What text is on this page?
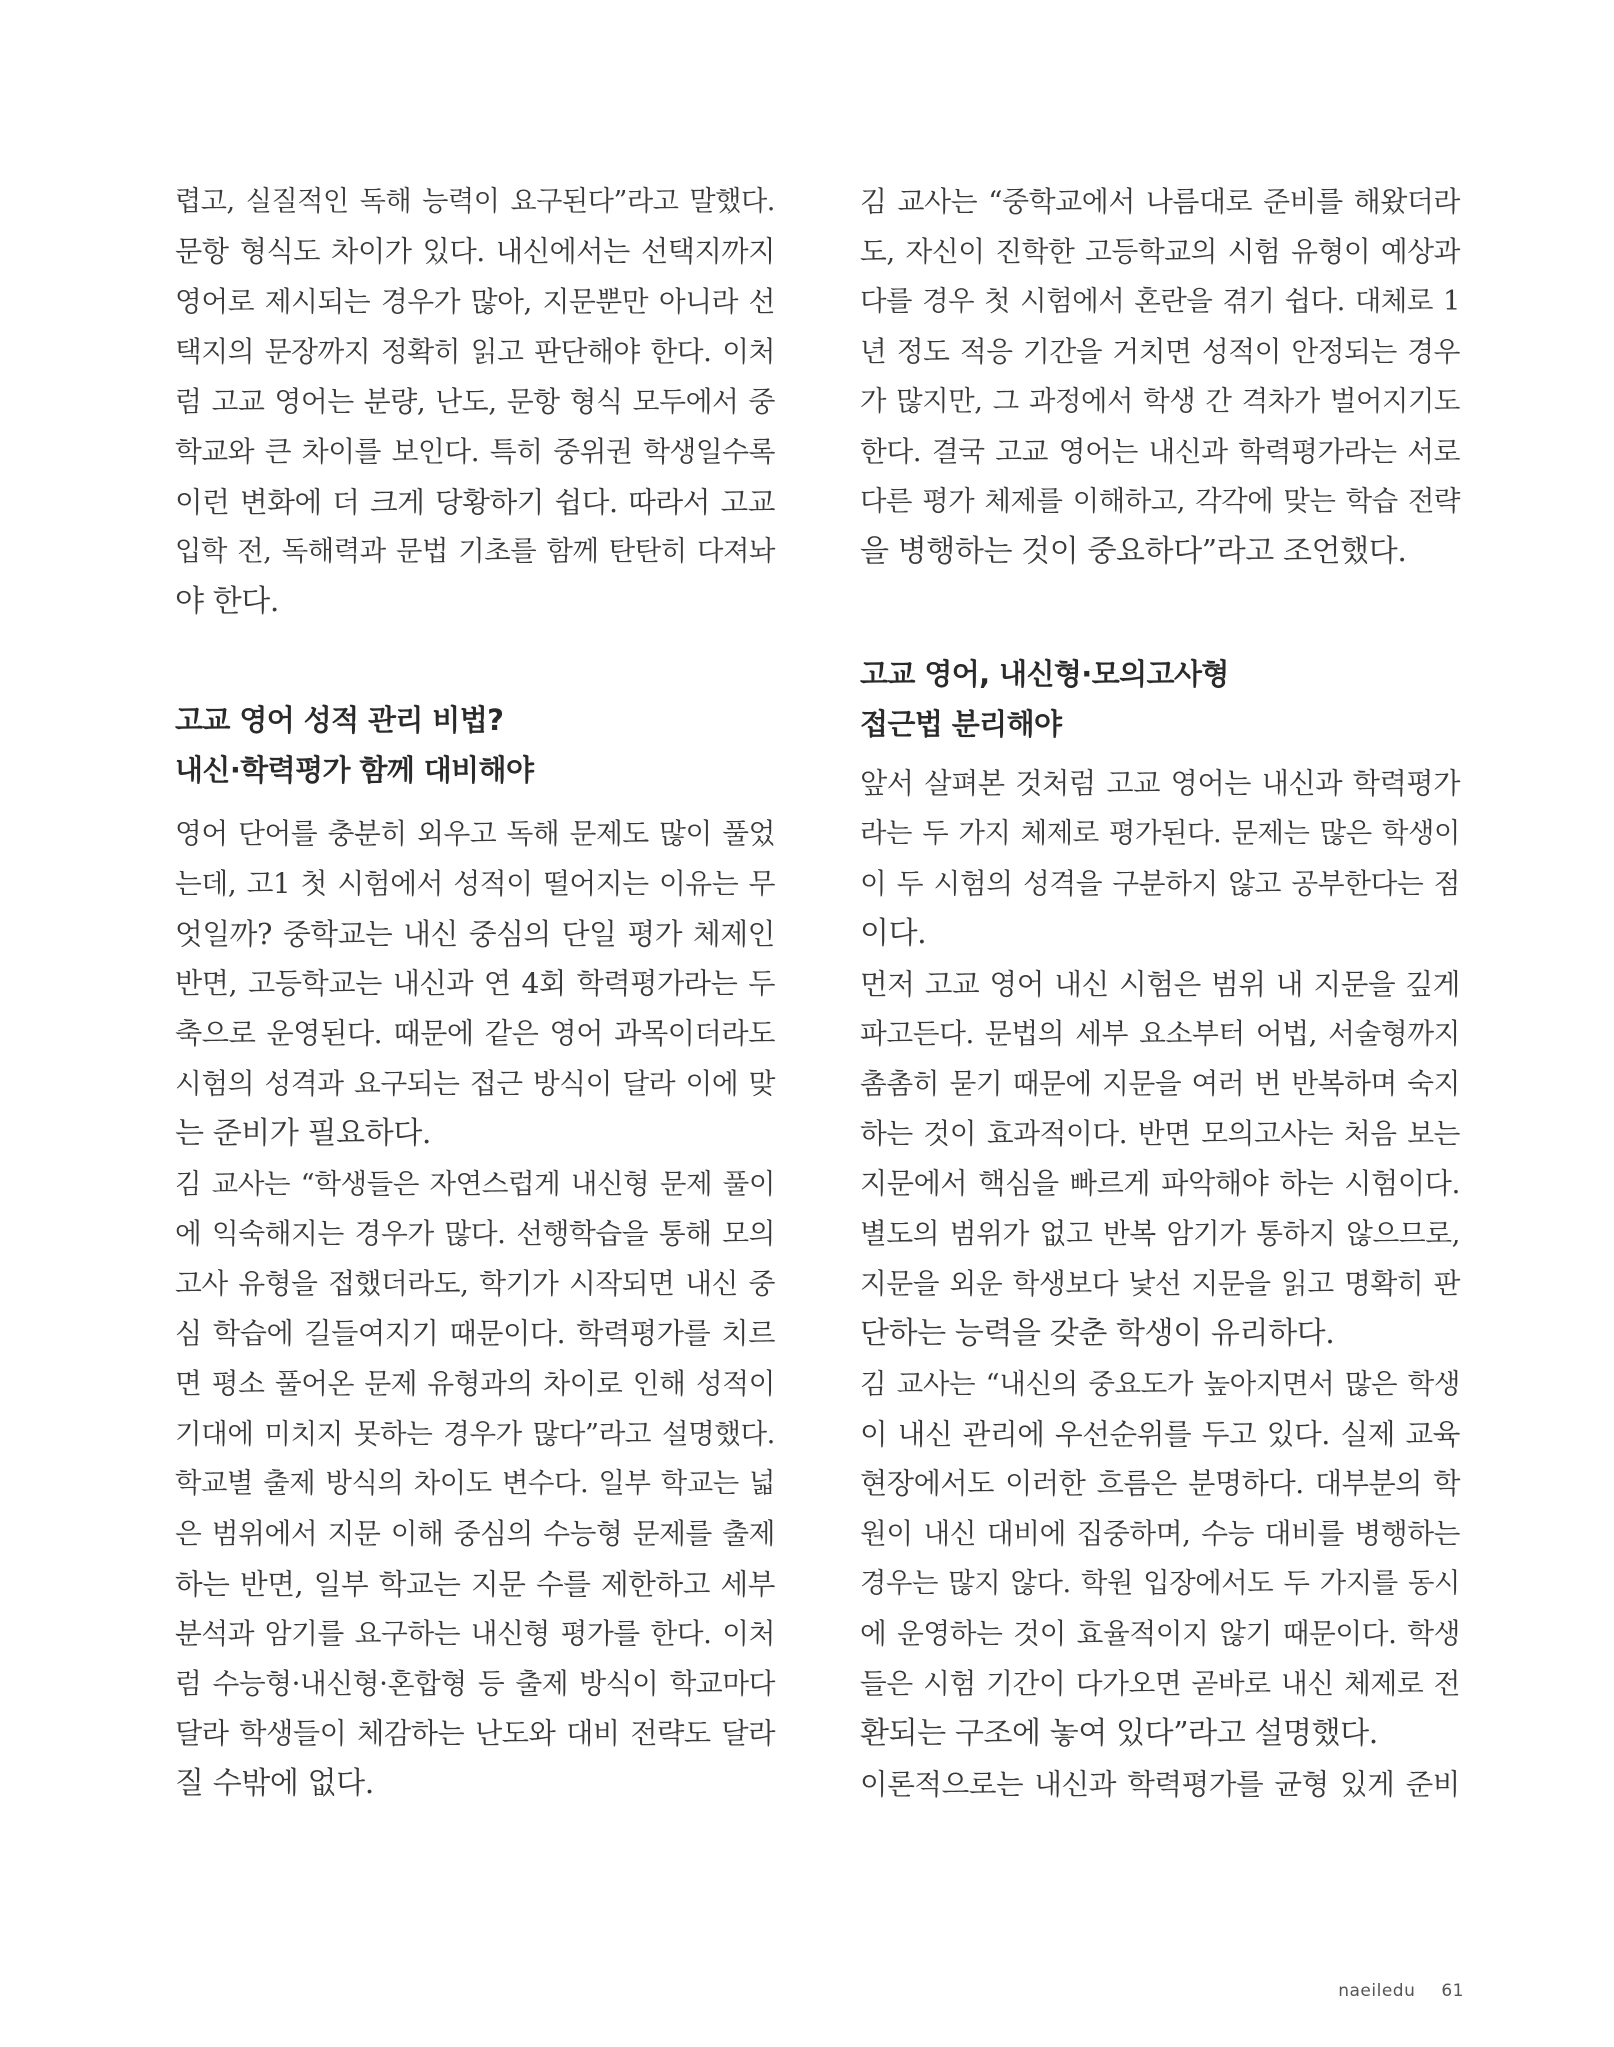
렵고, 실질적인 독해 능력이 요구된다”라고 말했다.
문항 형식도 차이가 있다. 내신에서는 선택지까지
영어로 제시되는 경우가 많아, 지문뿐만 아니라 선
택지의 문장까지 정확히 읽고 판단해야 한다. 이처
럼 고교 영어는 분량, 난도, 문항 형식 모두에서 중
학교와 큰 차이를 보인다. 특히 중위권 학생일수록
이런 변화에 더 크게 당황하기 쉽다. 따라서 고교
입학 전, 독해력과 문법 기초를 함께 탄탄히 다져놔
야 한다.
고교 영어 성적 관리 비법?
내신·학력평가 함께 대비해야
영어 단어를 충분히 외우고 독해 문제도 많이 풀었
는데, 고1 첫 시험에서 성적이 떨어지는 이유는 무
엇일까? 중학교는 내신 중심의 단일 평가 체제인
반면, 고등학교는 내신과 연 4회 학력평가라는 두
축으로 운영된다. 때문에 같은 영어 과목이더라도
시험의 성격과 요구되는 접근 방식이 달라 이에 맞
는 준비가 필요하다.
김 교사는 “학생들은 자연스럽게 내신형 문제 풀이
에 익숙해지는 경우가 많다. 선행학습을 통해 모의
고사 유형을 접했더라도, 학기가 시작되면 내신 중
심 학습에 길들여지기 때문이다. 학력평가를 치르
면 평소 풀어온 문제 유형과의 차이로 인해 성적이
기대에 미치지 못하는 경우가 많다”라고 설명했다.
학교별 출제 방식의 차이도 변수다. 일부 학교는 넓
은 범위에서 지문 이해 중심의 수능형 문제를 출제
하는 반면, 일부 학교는 지문 수를 제한하고 세부
분석과 암기를 요구하는 내신형 평가를 한다. 이처
럼 수능형·내신형·혼합형 등 출제 방식이 학교마다
달라 학생들이 체감하는 난도와 대비 전략도 달라
질 수밖에 없다.
김 교사는 “중학교에서 나름대로 준비를 해왔더라
도, 자신이 진학한 고등학교의 시험 유형이 예상과
다를 경우 첫 시험에서 혼란을 겪기 쉽다. 대체로 1
년 정도 적응 기간을 거치면 성적이 안정되는 경우
가 많지만, 그 과정에서 학생 간 격차가 벌어지기도
한다. 결국 고교 영어는 내신과 학력평가라는 서로
다른 평가 체제를 이해하고, 각각에 맞는 학습 전략
을 병행하는 것이 중요하다”라고 조언했다.
고교 영어, 내신형·모의고사형
접근법 분리해야
앞서 살펴본 것처럼 고교 영어는 내신과 학력평가
라는 두 가지 체제로 평가된다. 문제는 많은 학생이
이 두 시험의 성격을 구분하지 않고 공부한다는 점
이다.
먼저 고교 영어 내신 시험은 범위 내 지문을 깊게
파고든다. 문법의 세부 요소부터 어법, 서술형까지
촘촘히 묻기 때문에 지문을 여러 번 반복하며 숙지
하는 것이 효과적이다. 반면 모의고사는 처음 보는
지문에서 핵심을 빠르게 파악해야 하는 시험이다.
별도의 범위가 없고 반복 암기가 통하지 않으므로,
지문을 외운 학생보다 낯선 지문을 읽고 명확히 판
단하는 능력을 갖춘 학생이 유리하다.
김 교사는 “내신의 중요도가 높아지면서 많은 학생
이 내신 관리에 우선순위를 두고 있다. 실제 교육
현장에서도 이러한 흐름은 분명하다. 대부분의 학
원이 내신 대비에 집중하며, 수능 대비를 병행하는
경우는 많지 않다. 학원 입장에서도 두 가지를 동시
에 운영하는 것이 효율적이지 않기 때문이다. 학생
들은 시험 기간이 다가오면 곧바로 내신 체제로 전
환되는 구조에 놓여 있다”라고 설명했다.
이론적으로는 내신과 학력평가를 균형 있게 준비
naeiledu 61
